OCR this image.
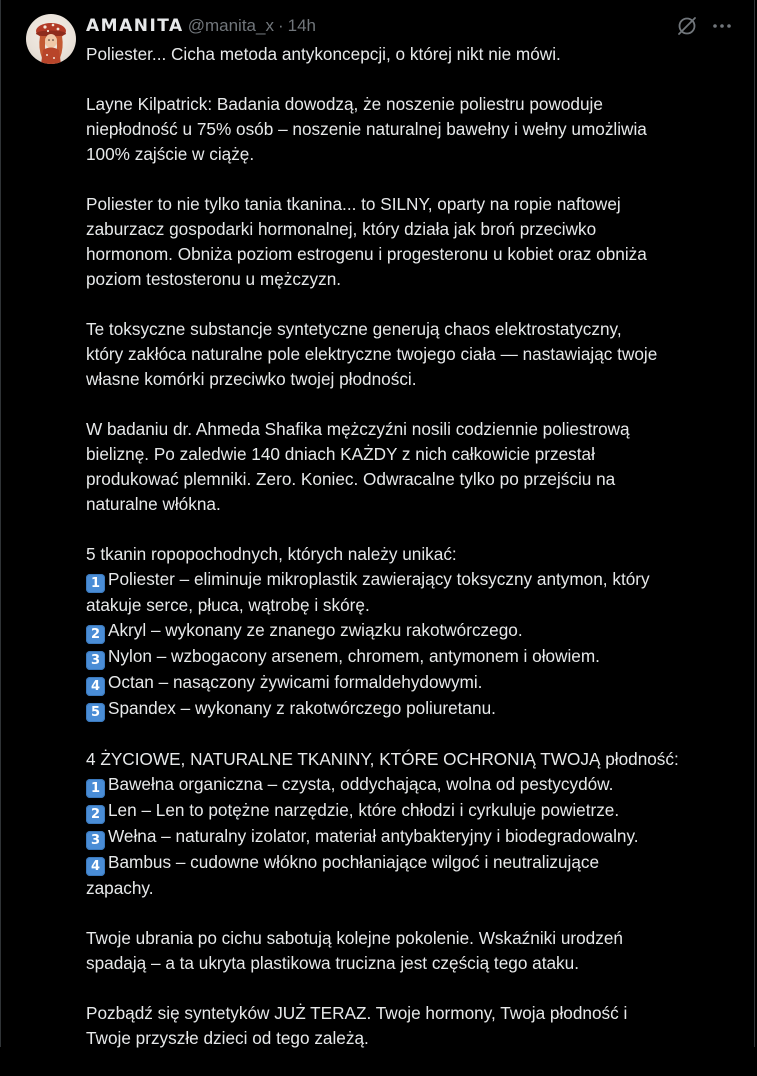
AMANITA @manita_x · 14h
Poliester... Cicha metoda antykoncepcji, o której nikt nie mówi.
Layne Kilpatrick: Badania dowodzą, że noszenie poliestru powoduje
niepłodność u 75% osób – noszenie naturalnej bawełny i wełny umożliwia
100% zajście w ciążę.
Poliester to nie tylko tania tkanina... to SILNY, oparty na ropie naftowej
zaburzacz gospodarki hormonalnej, który działa jak broń przeciwko
hormonom. Obniża poziom estrogenu i progesteronu u kobiet oraz obniża
poziom testosteronu u mężczyzn.
Te toksyczne substancje syntetyczne generują chaos elektrostatyczny,
który zakłóca naturalne pole elektryczne twojego ciała — nastawiając twoje
własne komórki przeciwko twojej płodności.
W badaniu dr. Ahmeda Shafika mężczyźni nosili codziennie poliestrową
bieliznę. Po zaledwie 140 dniach KAŻDY z nich całkowicie przestał
produkować plemniki. Zero. Koniec. Odwracalne tylko po przejściu na
naturalne włókna.
5 tkanin ropopochodnych, których należy unikać:
1 Poliester – eliminuje mikroplastik zawierający toksyczny antymon, który
atakuje serce, płuca, wątrobę i skórę.
2 Akryl – wykonany ze znanego związku rakotwórczego.
3 Nylon – wzbogacony arsenem, chromem, antymonem i ołowiem.
4 Octan – nasączony żywicami formaldehydowymi.
5 Spandex – wykonany z rakotwórczego poliuretanu.
4 ŻYCIOWE, NATURALNE TKANINY, KTÓRE OCHRONIĄ TWOJĄ płodność:
1 Bawełna organiczna – czysta, oddychająca, wolna od pestycydów.
2 Len – Len to potężne narzędzie, które chłodzi i cyrkuluje powietrze.
3 Wełna – naturalny izolator, materiał antybakteryjny i biodegradowalny.
4 Bambus – cudowne włókno pochłaniające wilgoć i neutralizujące
zapachy.
Twoje ubrania po cichu sabotują kolejne pokolenie. Wskaźniki urodzeń
spadają – a ta ukryta plastikowa trucizna jest częścią tego ataku.
Pozbądź się syntetyków JUŻ TERAZ. Twoje hormony, Twoja płodność i
Twoje przyszłe dzieci od tego zależą.
